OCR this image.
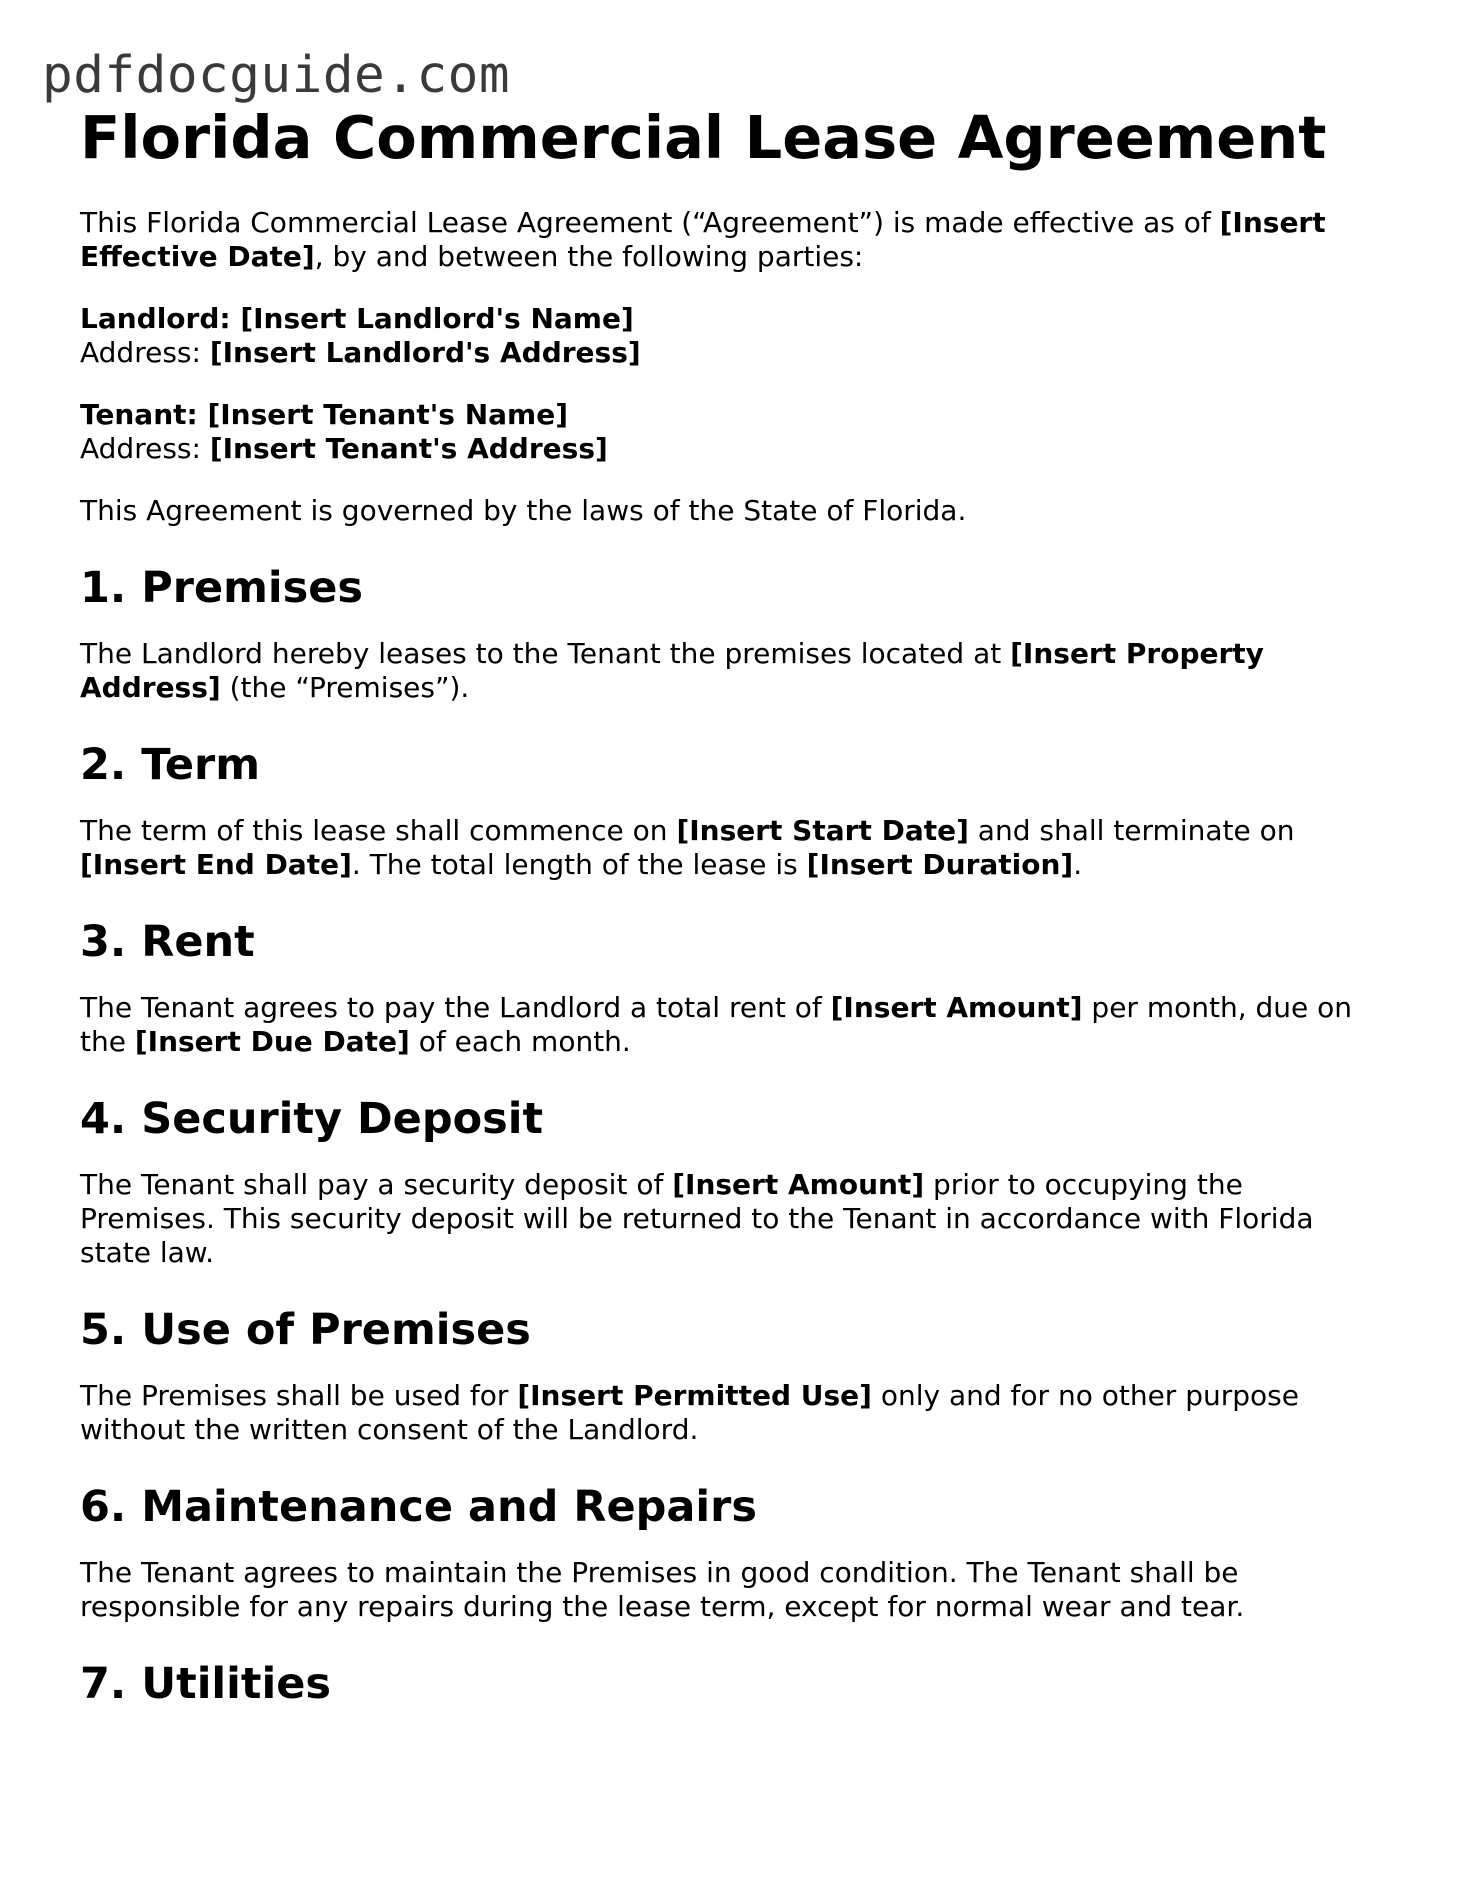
pdfdocguide.com
Florida Commercial Lease Agreement

This Florida Commercial Lease Agreement (“Agreement”) is made effective as of [Insert Effective Date], by and between the following parties:

Landlord: [Insert Landlord's Name]

Address: [Insert Landlord's Address]

Tenant: [Insert Tenant's Name]

Address: [Insert Tenant's Address]

This Agreement is governed by the laws of the State of Florida.

1. Premises

The Landlord hereby leases to the Tenant the premises located at [Insert Property Address] (the “Premises”).

2. Term

The term of this lease shall commence on [Insert Start Date] and shall terminate on [Insert End Date]. The total length of the lease is [Insert Duration].

3. Rent

The Tenant agrees to pay the Landlord a total rent of [Insert Amount] per month, due on the [Insert Due Date] of each month.

4. Security Deposit

The Tenant shall pay a security deposit of [Insert Amount] prior to occupying the Premises. This security deposit will be returned to the Tenant in accordance with Florida state law.

5. Use of Premises

The Premises shall be used for [Insert Permitted Use] only and for no other purpose without the written consent of the Landlord.

6. Maintenance and Repairs

The Tenant agrees to maintain the Premises in good condition. The Tenant shall be responsible for any repairs during the lease term, except for normal wear and tear.

7. Utilities
